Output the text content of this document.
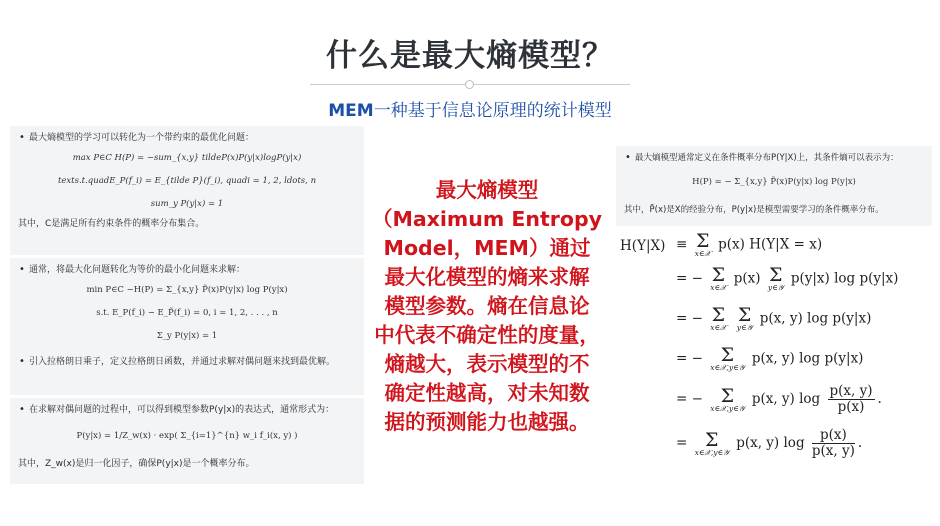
什么是最大熵模型？
MEM一种基于信息论原理的统计模型

• 最大熵模型的学习可以转化为一个带约束的最优化问题：

max P∈C H(P) = −sum_{x,y} tildeP(x)P(y|x)logP(y|x)

texts.t.quadE_P(f_i) = E_{tilde P}(f_i), quadi = 1, 2, ldots, n

sum_y P(y|x) = 1

其中，C是满足所有约束条件的概率分布集合。

• 通常，将最大化问题转化为等价的最小化问题来求解：

min P∈C −H(P) = Σ_{x,y} P̃(x)P(y|x) log P(y|x)

s.t. E_P(f_i) − E_P̃(f_i) = 0, i = 1, 2, . . . , n

Σ_y P(y|x) = 1

• 引入拉格朗日乘子，定义拉格朗日函数，并通过求解对偶问题来找到最优解。

• 在求解对偶问题的过程中，可以得到模型参数P(y|x)的表达式，通常形式为：

P(y|x) = 1/Z_w(x) · exp( Σ_{i=1}^{n} w_i f_i(x, y) )

其中，Z_w(x)是归一化因子，确保P(y|x)是一个概率分布。

• 最大熵模型通常定义在条件概率分布P(Y|X)上，其条件熵可以表示为：

H(P) = − Σ_{x,y} P̃(x)P(y|x) log P(y|x)

其中，P̃(x)是X的经验分布，P(y|x)是模型需要学习的条件概率分布。

最大熵模型
（Maximum Entropy
Model，MEM）通过
最大化模型的熵来求解
模型参数。熵在信息论
中代表不确定性的度量，
熵越大，表示模型的不
确定性越高，对未知数
据的预测能力也越强。
H(Y|X) ≡ Σ
x∈𝒳
p(x) H(Y|X = x)
= − Σ
x∈𝒳
p(x) Σ
y∈𝒴
p(y|x) log p(y|x)
= − Σ
x∈𝒳

Σ
y∈𝒴
p(x, y) log p(y|x)
= − Σ
x∈𝒳,y∈𝒴
p(x, y) log p(y|x)
= − Σ
x∈𝒳,y∈𝒴
p(x, y) $\log \frac{p(x, y)}{p(x)}$ .
= Σ
x∈𝒳,y∈𝒴
p(x, y) $\log \frac{p(x)}{p(x, y)}$ .
